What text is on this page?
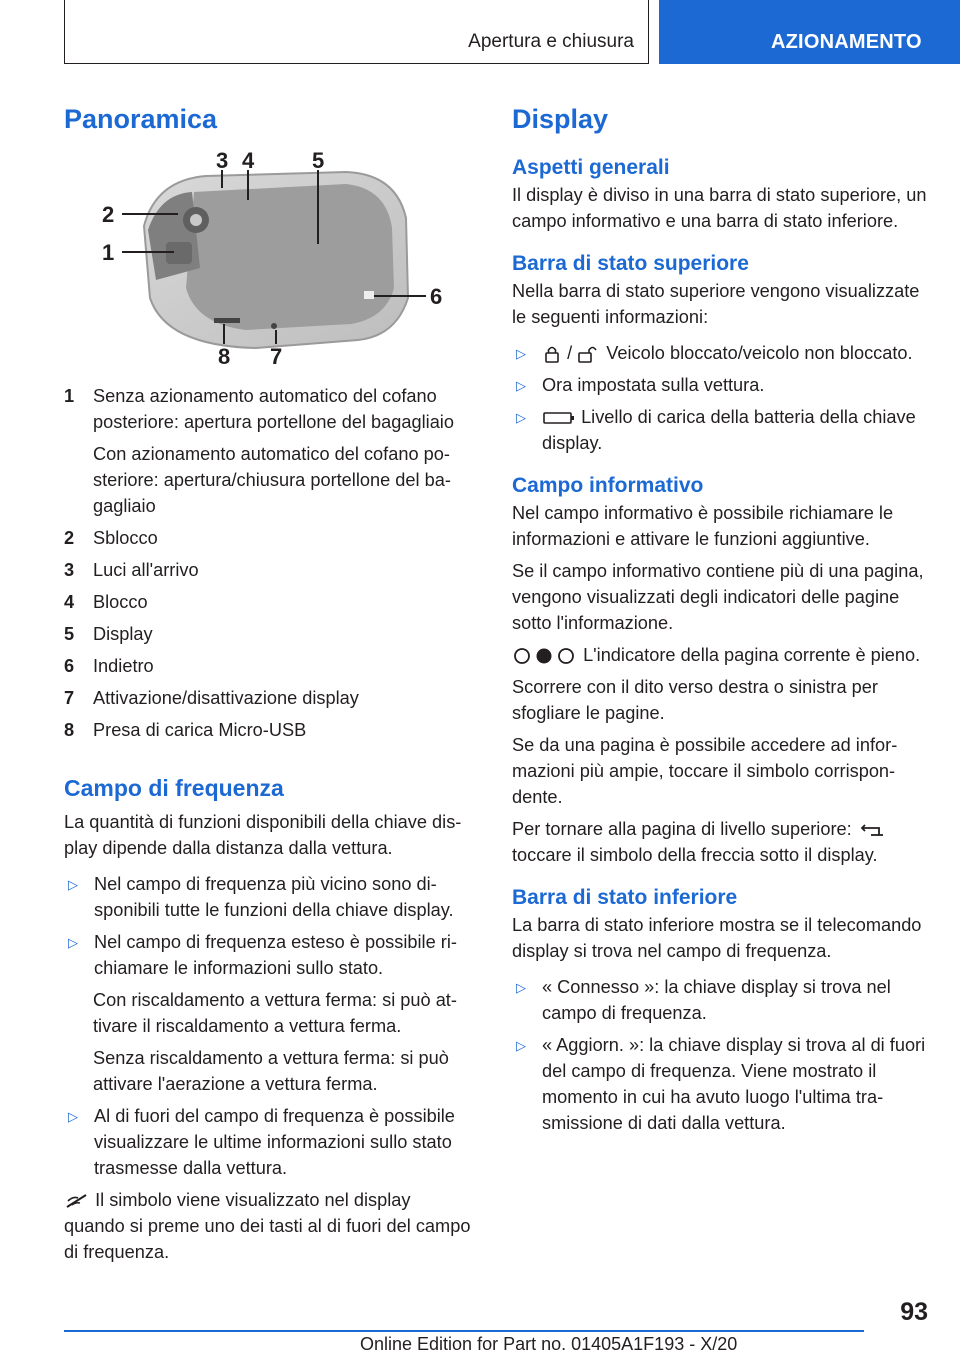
Apertura e chiusura	AZIONAMENTO
Panoramica
3 4	5
2
1
6
8 7
1 Senza azionamento automatico del cofano posteriore: apertura portellone del bagagliaio
Con azionamento automatico del cofano posteriore: apertura/chiusura portellone del bagagliaio
2 Sblocco
3 Luci all'arrivo
4 Blocco
5 Display
6 Indietro
7 Attivazione/disattivazione display
8 Presa di carica Micro-USB
Campo di frequenza

La quantità di funzioni disponibili della chiave display dipende dalla distanza dalla vettura.

▷ Nel campo di frequenza più vicino sono disponibili tutte le funzioni della chiave display.
▷ Nel campo di frequenza esteso è possibile richiamare le informazioni sullo stato.
Con riscaldamento a vettura ferma: si può attivare il riscaldamento a vettura ferma.
Senza riscaldamento a vettura ferma: si può attivare l'aerazione a vettura ferma.
▷ Al di fuori del campo di frequenza è possibile visualizzare le ultime informazioni sullo stato trasmesse dalla vettura.

Il simbolo viene visualizzato nel display quando si preme uno dei tasti al di fuori del campo di frequenza.

Display
Aspetti generali

Il display è diviso in una barra di stato superiore, un campo informativo e una barra di stato inferiore.

Barra di stato superiore

Nella barra di stato superiore vengono visualizzate le seguenti informazioni:

▷ / Veicolo bloccato/veicolo non bloccato.
▷ Ora impostata sulla vettura.
▷	Livello di carica della batteria della chiave display.
Campo informativo

Nel campo informativo è possibile richiamare le informazioni e attivare le funzioni aggiuntive.

Se il campo informativo contiene più di una pagina, vengono visualizzati degli indicatori delle pagine sotto l'informazione.

L'indicatore della pagina corrente è pieno.

Scorrere con il dito verso destra o sinistra per sfogliare le pagine.

Se da una pagina è possibile accedere ad informazioni più ampie, toccare il simbolo corrispondente.

Per tornare alla pagina di livello superiore:
toccare il simbolo della freccia sotto il display.

Barra di stato inferiore

La barra di stato inferiore mostra se il telecomando display si trova nel campo di frequenza.

▷ « Connesso »: la chiave display si trova nel campo di frequenza.
▷ « Aggiorn. »: la chiave display si trova al di fuori del campo di frequenza. Viene mostrato il momento in cui ha avuto luogo l'ultima trasmissione di dati dalla vettura.
93
Online Edition for Part no. 01405A1F193 - X/20
